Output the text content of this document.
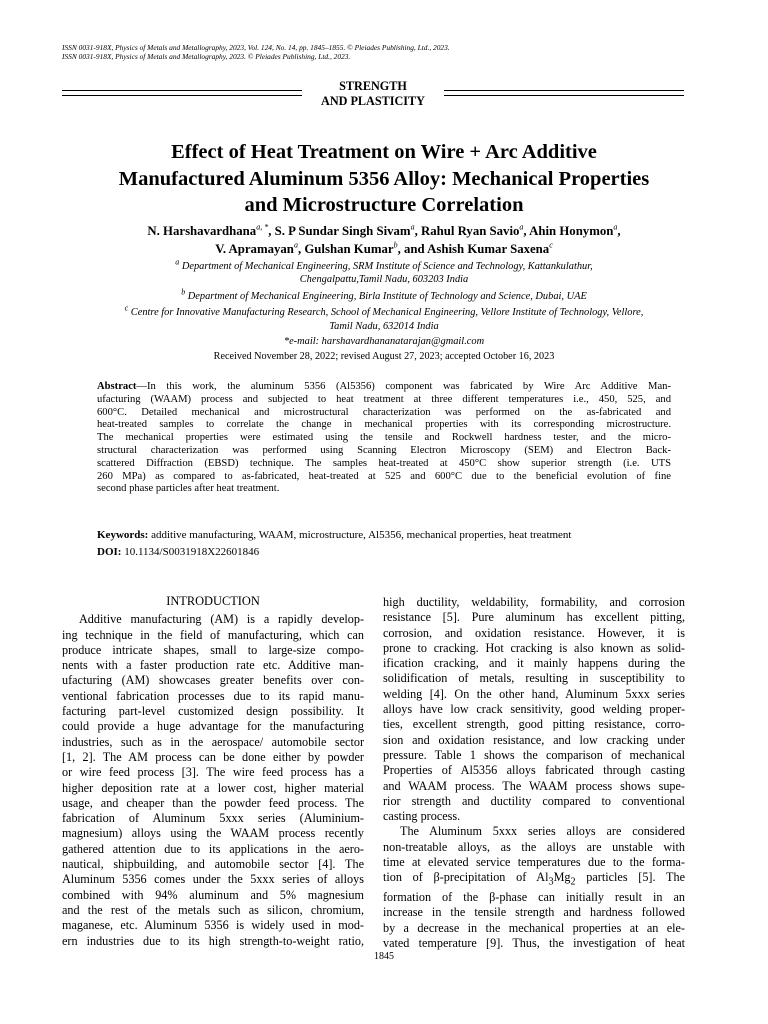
ISSN 0031-918X, Physics of Metals and Metallography, 2023, Vol. 124, No. 14, pp. 1845–1855. © Pleiades Publishing, Ltd., 2023.
ISSN 0031-918X, Physics of Metals and Metallography, 2023. © Pleiades Publishing, Ltd., 2023.
STRENGTH
AND PLASTICITY
Effect of Heat Treatment on Wire + Arc Additive
Manufactured Aluminum 5356 Alloy: Mechanical Properties
and Microstructure Correlation
N. Harshavardhana$^{a, *}$, S. P Sundar Singh Sivam$^a$, Rahul Ryan Savio$^a$, Ahin Honymon$^a$,
V. Apramayan$^a$, Gulshan Kumar$^b$, and Ashish Kumar Saxena$^c$
$^a$ Department of Mechanical Engineering, SRM Institute of Science and Technology, Kattankulathur,
Chengalpattu,Tamil Nadu, 603203 India
$^b$ Department of Mechanical Engineering, Birla Institute of Technology and Science, Dubai, UAE
$^c$ Centre for Innovative Manufacturing Research, School of Mechanical Engineering, Vellore Institute of Technology, Vellore,
Tamil Nadu, 632014 India
*e-mail: harshavardhananatarajan@gmail.com
Received November 28, 2022; revised August 27, 2023; accepted October 16, 2023
Abstract—In this work, the aluminum 5356 (Al5356) component was fabricated by Wire Arc Additive Man-
ufacturing (WAAM) process and subjected to heat treatment at three different temperatures i.e., 450, 525, and
600°C. Detailed mechanical and microstructural characterization was performed on the as-fabricated and
heat-treated samples to correlate the change in mechanical properties with its corresponding microstructure.
The mechanical properties were estimated using the tensile and Rockwell hardness tester, and the micro-
structural characterization was performed using Scanning Electron Microscopy (SEM) and Electron Back-
scattered Diffraction (EBSD) technique. The samples heat-treated at 450°C show superior strength (i.e. UTS
260 MPa) as compared to as-fabricated, heat-treated at 525 and 600°C due to the beneficial evolution of fine
second phase particles after heat treatment.
Keywords: additive manufacturing, WAAM, microstructure, Al5356, mechanical properties, heat treatment
DOI: 10.1134/S0031918X22601846
INTRODUCTION
Additive manufacturing (AM) is a rapidly develop-
ing technique in the field of manufacturing, which can
produce intricate shapes, small to large-size compo-
nents with a faster production rate etc. Additive man-
ufacturing (AM) showcases greater benefits over con-
ventional fabrication processes due to its rapid manu-
facturing part-level customized design possibility. It
could provide a huge advantage for the manufacturing
industries, such as in the aerospace/ automobile sector
[1, 2]. The AM process can be done either by powder
or wire feed process [3]. The wire feed process has a
higher deposition rate at a lower cost, higher material
usage, and cheaper than the powder feed process. The
fabrication of Aluminum 5xxx series (Aluminium-
magnesium) alloys using the WAAM process recently
gathered attention due to its applications in the aero-
nautical, shipbuilding, and automobile sector [4]. The
Aluminum 5356 comes under the 5xxx series of alloys
combined with 94% aluminum and 5% magnesium
and the rest of the metals such as silicon, chromium,
maganese, etc. Aluminum 5356 is widely used in mod-
ern industries due to its high strength-to-weight ratio,
high ductility, weldability, formability, and corrosion
resistance [5]. Pure aluminum has excellent pitting,
corrosion, and oxidation resistance. However, it is
prone to cracking. Hot cracking is also known as solid-
ification cracking, and it mainly happens during the
solidification of metals, resulting in susceptibility to
welding [4]. On the other hand, Aluminum 5xxx series
alloys have low crack sensitivity, good welding proper-
ties, excellent strength, good pitting resistance, corro-
sion and oxidation resistance, and low cracking under
pressure. Table 1 shows the comparison of mechanical
Properties of Al5356 alloys fabricated through casting
and WAAM process. The WAAM process shows supe-
rior strength and ductility compared to conventional
casting process.
The Aluminum 5xxx series alloys are considered
non-treatable alloys, as the alloys are unstable with
time at elevated service temperatures due to the forma-
tion of β-precipitation of $Al_3Mg_2$ particles [5]. The
formation of the β-phase can initially result in an
increase in the tensile strength and hardness followed
by a decrease in the mechanical properties at an ele-
vated temperature [9]. Thus, the investigation of heat
1845
